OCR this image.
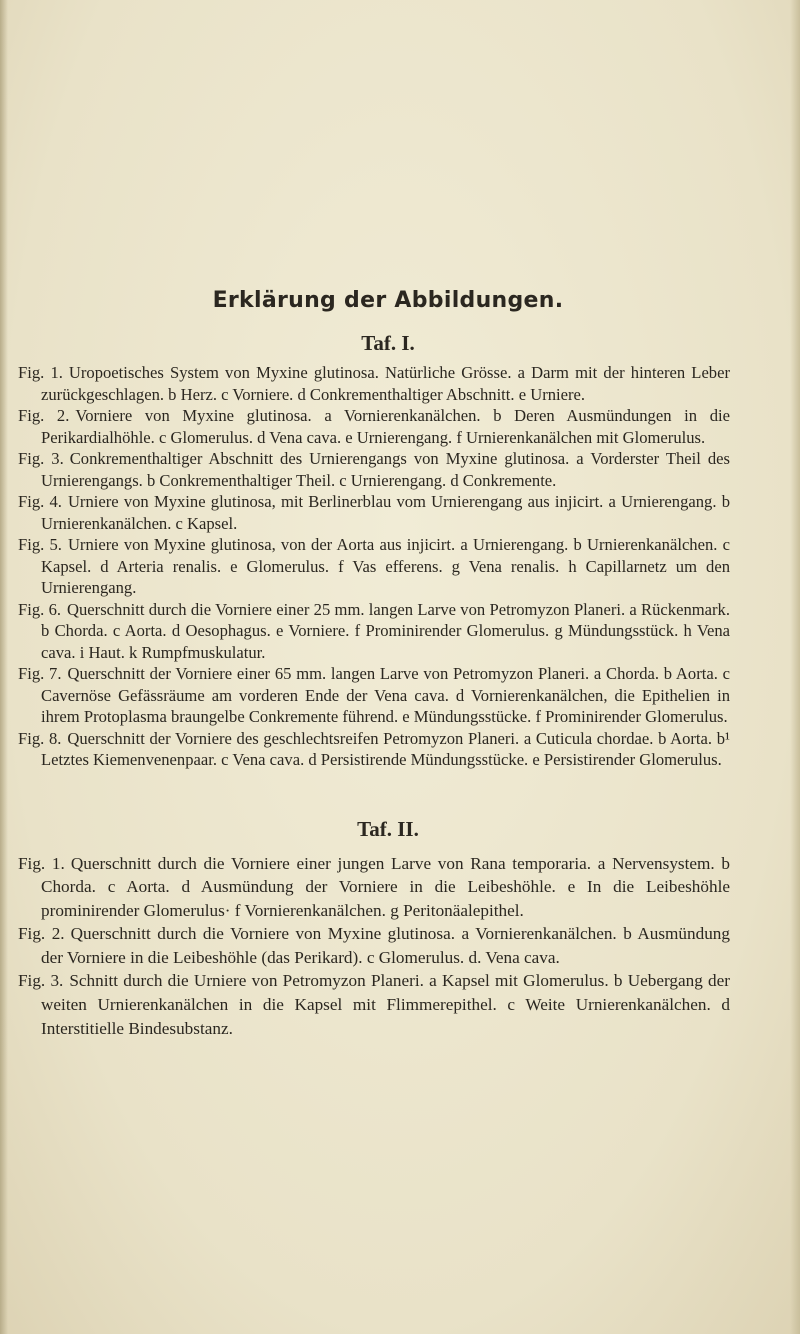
Erklärung der Abbildungen.
Taf. I.

Fig. 1. Uropoetisches System von Myxine glutinosa. Natürliche Grösse. a Darm mit der hinteren Leber zurückgeschlagen. b Herz. c Vorniere. d Conkrementhaltiger Abschnitt. e Urniere.

Fig. 2. Vorniere von Myxine glutinosa. a Vornierenkanälchen. b Deren Ausmündungen in die Perikardialhöhle. c Glomerulus. d Vena cava. e Urnierengang. f Urnierenkanälchen mit Glomerulus.

Fig. 3. Conkrementhaltiger Abschnitt des Urnierengangs von Myxine glutinosa. a Vorderster Theil des Urnierengangs. b Conkrementhaltiger Theil. c Urnierengang. d Conkremente.

Fig. 4. Urniere von Myxine glutinosa, mit Berlinerblau vom Urnierengang aus injicirt. a Urnierengang. b Urnierenkanälchen. c Kapsel.

Fig. 5. Urniere von Myxine glutinosa, von der Aorta aus injicirt. a Urnierengang. b Urnierenkanälchen. c Kapsel. d Arteria renalis. e Glomerulus. f Vas efferens. g Vena renalis. h Capillarnetz um den Urnierengang.

Fig. 6. Querschnitt durch die Vorniere einer 25 mm. langen Larve von Petromyzon Planeri. a Rückenmark. b Chorda. c Aorta. d Oesophagus. e Vorniere. f Prominirender Glomerulus. g Mündungsstück. h Vena cava. i Haut. k Rumpfmuskulatur.

Fig. 7. Querschnitt der Vorniere einer 65 mm. langen Larve von Petromyzon Planeri. a Chorda. b Aorta. c Cavernöse Gefässräume am vorderen Ende der Vena cava. d Vornierenkanälchen, die Epithelien in ihrem Protoplasma braungelbe Conkremente führend. e Mündungsstücke. f Prominirender Glomerulus.

Fig. 8. Querschnitt der Vorniere des geschlechtsreifen Petromyzon Planeri. a Cuticula chordae. b Aorta. b¹ Letztes Kiemenvenenpaar. c Vena cava. d Persistirende Mündungsstücke. e Persistirender Glomerulus.

Taf. II.

Fig. 1. Querschnitt durch die Vorniere einer jungen Larve von Rana temporaria. a Nervensystem. b Chorda. c Aorta. d Ausmündung der Vorniere in die Leibeshöhle. e In die Leibeshöhle prominirender Glomerulus· f Vornierenkanälchen. g Peritonäalepithel.

Fig. 2. Querschnitt durch die Vorniere von Myxine glutinosa. a Vornierenkanälchen. b Ausmündung der Vorniere in die Leibeshöhle (das Perikard). c Glomerulus. d. Vena cava.

Fig. 3. Schnitt durch die Urniere von Petromyzon Planeri. a Kapsel mit Glomerulus. b Uebergang der weiten Urnierenkanälchen in die Kapsel mit Flimmerepithel. c Weite Urnierenkanälchen. d Interstitielle Bindesubstanz.
